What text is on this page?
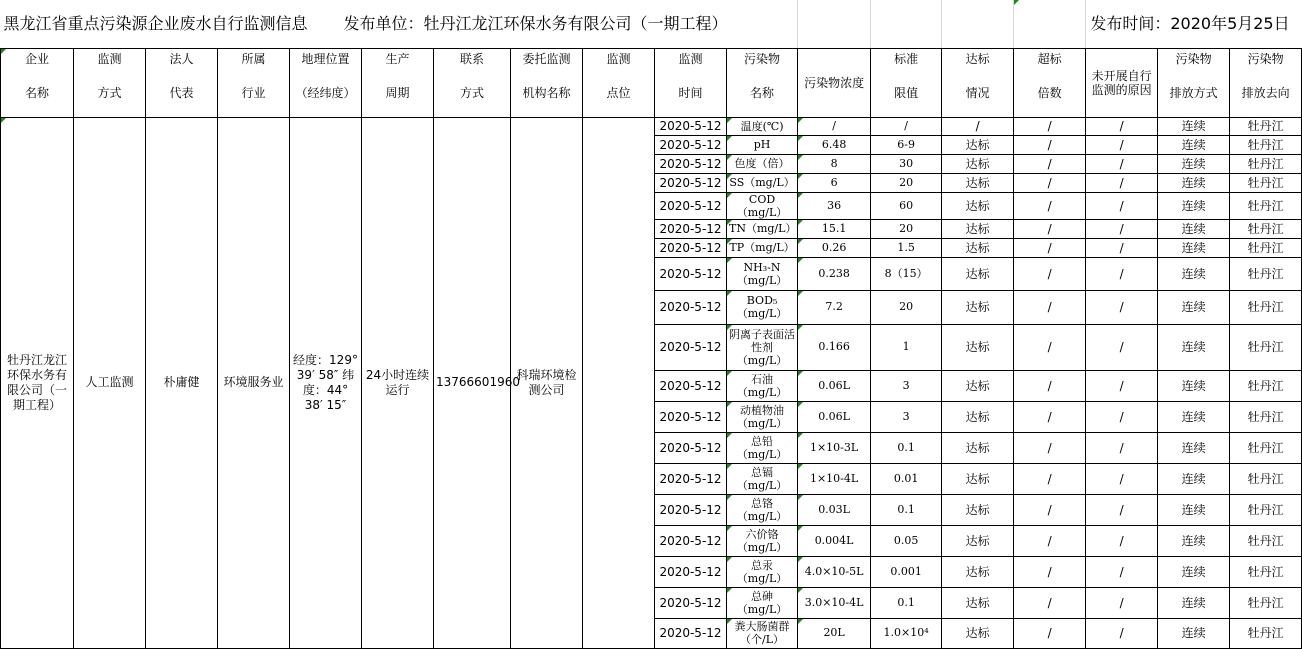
黑龙江省重点污染源企业废水自行监测信息 发布单位：牡丹江龙江环保水务有限公司（一期工程）															发布时间：2020年5月25日		
企业	监测	法人	所属	地理位置	生产	联系	委托监测	监测	监测	污染物	污染物浓度	标准	达标	超标	未开展自行监测的原因	污染物	污染物
名称	方式	代表	行业	（经纬度）	周期	方式	机构名称	点位	时间	名称		限值	情况	倍数		排放方式	排放去向
牡丹江龙江环保水务有限公司（一期工程）	人工监测	朴庸健	环境服务业	经度：129° 39′ 58″ 纬度：44° 38′ 15″	24小时连续运行	13766601960	科瑞环境检测公司		2020-5-12	温度(℃)	/	/	/	/	/	连续	牡丹江
									2020-5-12	pH	6.48	6-9	达标	/	/	连续	牡丹江
									2020-5-12	色度（倍）	8	30	达标	/	/	连续	牡丹江
									2020-5-12	SS（mg/L）	6	20	达标	/	/	连续	牡丹江
									2020-5-12	COD（mg/L）	36	60	达标	/	/	连续	牡丹江
									2020-5-12	TN（mg/L）	15.1	20	达标	/	/	连续	牡丹江
									2020-5-12	TP（mg/L）	0.26	1.5	达标	/	/	连续	牡丹江
									2020-5-12	NH₃-N（mg/L）	0.238	8（15）	达标	/	/	连续	牡丹江
									2020-5-12	BOD₅（mg/L）	7.2	20	达标	/	/	连续	牡丹江
									2020-5-12	阴离子表面活性剂（mg/L）	0.166	1	达标	/	/	连续	牡丹江
									2020-5-12	石油（mg/L）	0.06L	3	达标	/	/	连续	牡丹江
									2020-5-12	动植物油（mg/L）	0.06L	3	达标	/	/	连续	牡丹江
									2020-5-12	总铅（mg/L）	1×10-3L	0.1	达标	/	/	连续	牡丹江
									2020-5-12	总镉（mg/L）	1×10-4L	0.01	达标	/	/	连续	牡丹江
									2020-5-12	总铬（mg/L）	0.03L	0.1	达标	/	/	连续	牡丹江
									2020-5-12	六价铬（mg/L）	0.004L	0.05	达标	/	/	连续	牡丹江
									2020-5-12	总汞（mg/L）	4.0×10-5L	0.001	达标	/	/	连续	牡丹江
									2020-5-12	总砷（mg/L）	3.0×10-4L	0.1	达标	/	/	连续	牡丹江
									2020-5-12	粪大肠菌群（个/L）	20L	1.0×10⁴	达标	/	/	连续	牡丹江
